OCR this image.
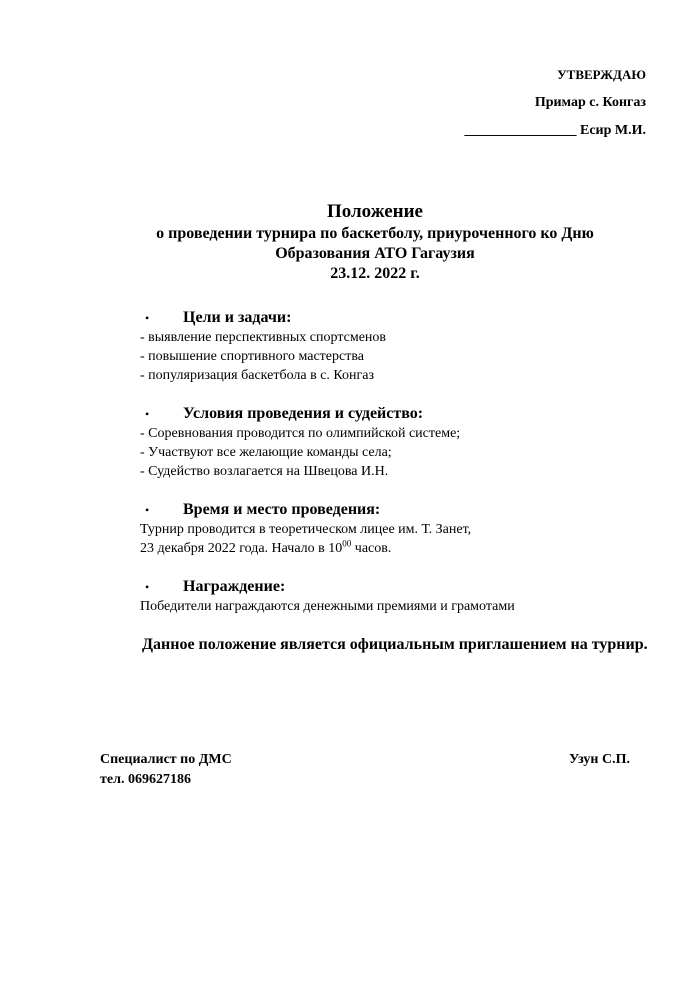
УТВЕРЖДАЮ
Примар с. Конгаз
________________ Есир М.И.
Положение
о проведении турнира по баскетболу, приуроченного ко Дню
Образования АТО Гагаузия
23.12. 2022 г.
• Цели и задачи:
- выявление перспективных спортсменов
- повышение спортивного мастерства
- популяризация баскетбола в с. Конгаз
• Условия проведения и судейство:
- Соревнования проводится по олимпийской системе;
- Участвуют все желающие команды села;
- Судейство возлагается на Швецова И.Н.
• Время и место проведения:
Турнир проводится в теоретическом лицее им. Т. Занет,
23 декабря 2022 года. Начало в $10^{00}$ часов.
• Награждение:
Победители награждаются денежными премиями и грамотами
Данное положение является официальным приглашением на турнир.
Специалист по ДМС
тел. 069627186
Узун С.П.
